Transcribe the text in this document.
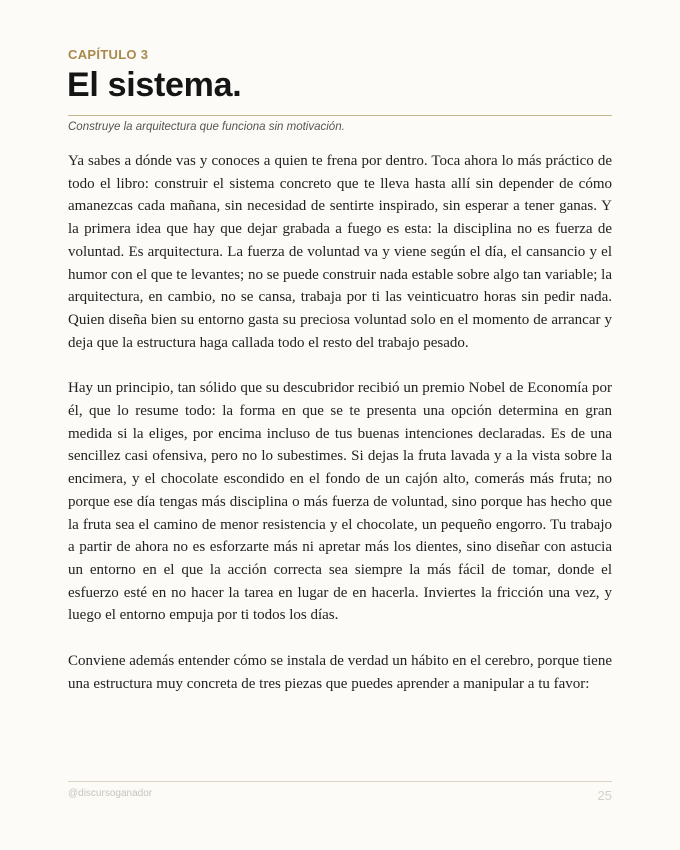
CAPÍTULO 3
El sistema.
Construye la arquitectura que funciona sin motivación.

Ya sabes a dónde vas y conoces a quien te frena por dentro. Toca ahora lo más práctico de todo el libro: construir el sistema concreto que te lleva hasta allí sin depender de cómo amanezcas cada mañana, sin necesidad de sentirte inspirado, sin esperar a tener ganas. Y la primera idea que hay que dejar grabada a fuego es esta: la disciplina no es fuerza de voluntad. Es arquitectura. La fuerza de voluntad va y viene según el día, el cansancio y el humor con el que te levantes; no se puede construir nada estable sobre algo tan variable; la arquitectura, en cambio, no se cansa, trabaja por ti las veinticuatro horas sin pedir nada. Quien diseña bien su entorno gasta su preciosa voluntad solo en el momento de arrancar y deja que la estructura haga callada todo el resto del trabajo pesado.

Hay un principio, tan sólido que su descubridor recibió un premio Nobel de Economía por él, que lo resume todo: la forma en que se te presenta una opción determina en gran medida si la eliges, por encima incluso de tus buenas intenciones declaradas. Es de una sencillez casi ofensiva, pero no lo subestimes. Si dejas la fruta lavada y a la vista sobre la encimera, y el chocolate escondido en el fondo de un cajón alto, comerás más fruta; no porque ese día tengas más disciplina o más fuerza de voluntad, sino porque has hecho que la fruta sea el camino de menor resistencia y el chocolate, un pequeño engorro. Tu trabajo a partir de ahora no es esforzarte más ni apretar más los dientes, sino diseñar con astucia un entorno en el que la acción correcta sea siempre la más fácil de tomar, donde el esfuerzo esté en no hacer la tarea en lugar de en hacerla. Inviertes la fricción una vez, y luego el entorno empuja por ti todos los días.

Conviene además entender cómo se instala de verdad un hábito en el cerebro, porque tiene una estructura muy concreta de tres piezas que puedes aprender a manipular a tu favor:

@discursoganador	25
